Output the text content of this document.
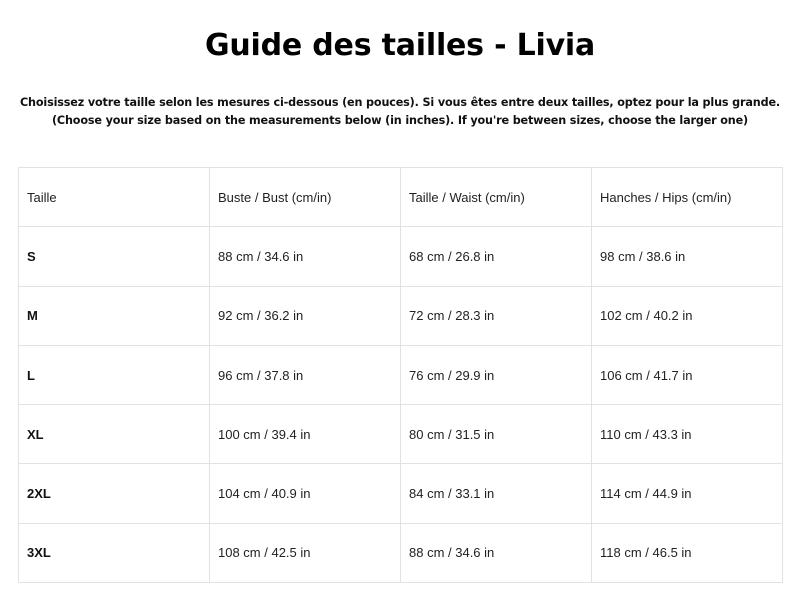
Guide des tailles - Livia
Choisissez votre taille selon les mesures ci-dessous (en pouces). Si vous êtes entre deux tailles, optez pour la plus grande.
(Choose your size based on the measurements below (in inches). If you're between sizes, choose the larger one)
Taille	Buste / Bust (cm/in)	Taille / Waist (cm/in)	Hanches / Hips (cm/in)
S	88 cm / 34.6 in	68 cm / 26.8 in	98 cm / 38.6 in
M	92 cm / 36.2 in	72 cm / 28.3 in	102 cm / 40.2 in
L	96 cm / 37.8 in	76 cm / 29.9 in	106 cm / 41.7 in
XL	100 cm / 39.4 in	80 cm / 31.5 in	110 cm / 43.3 in
2XL	104 cm / 40.9 in	84 cm / 33.1 in	114 cm / 44.9 in
3XL	108 cm / 42.5 in	88 cm / 34.6 in	118 cm / 46.5 in
